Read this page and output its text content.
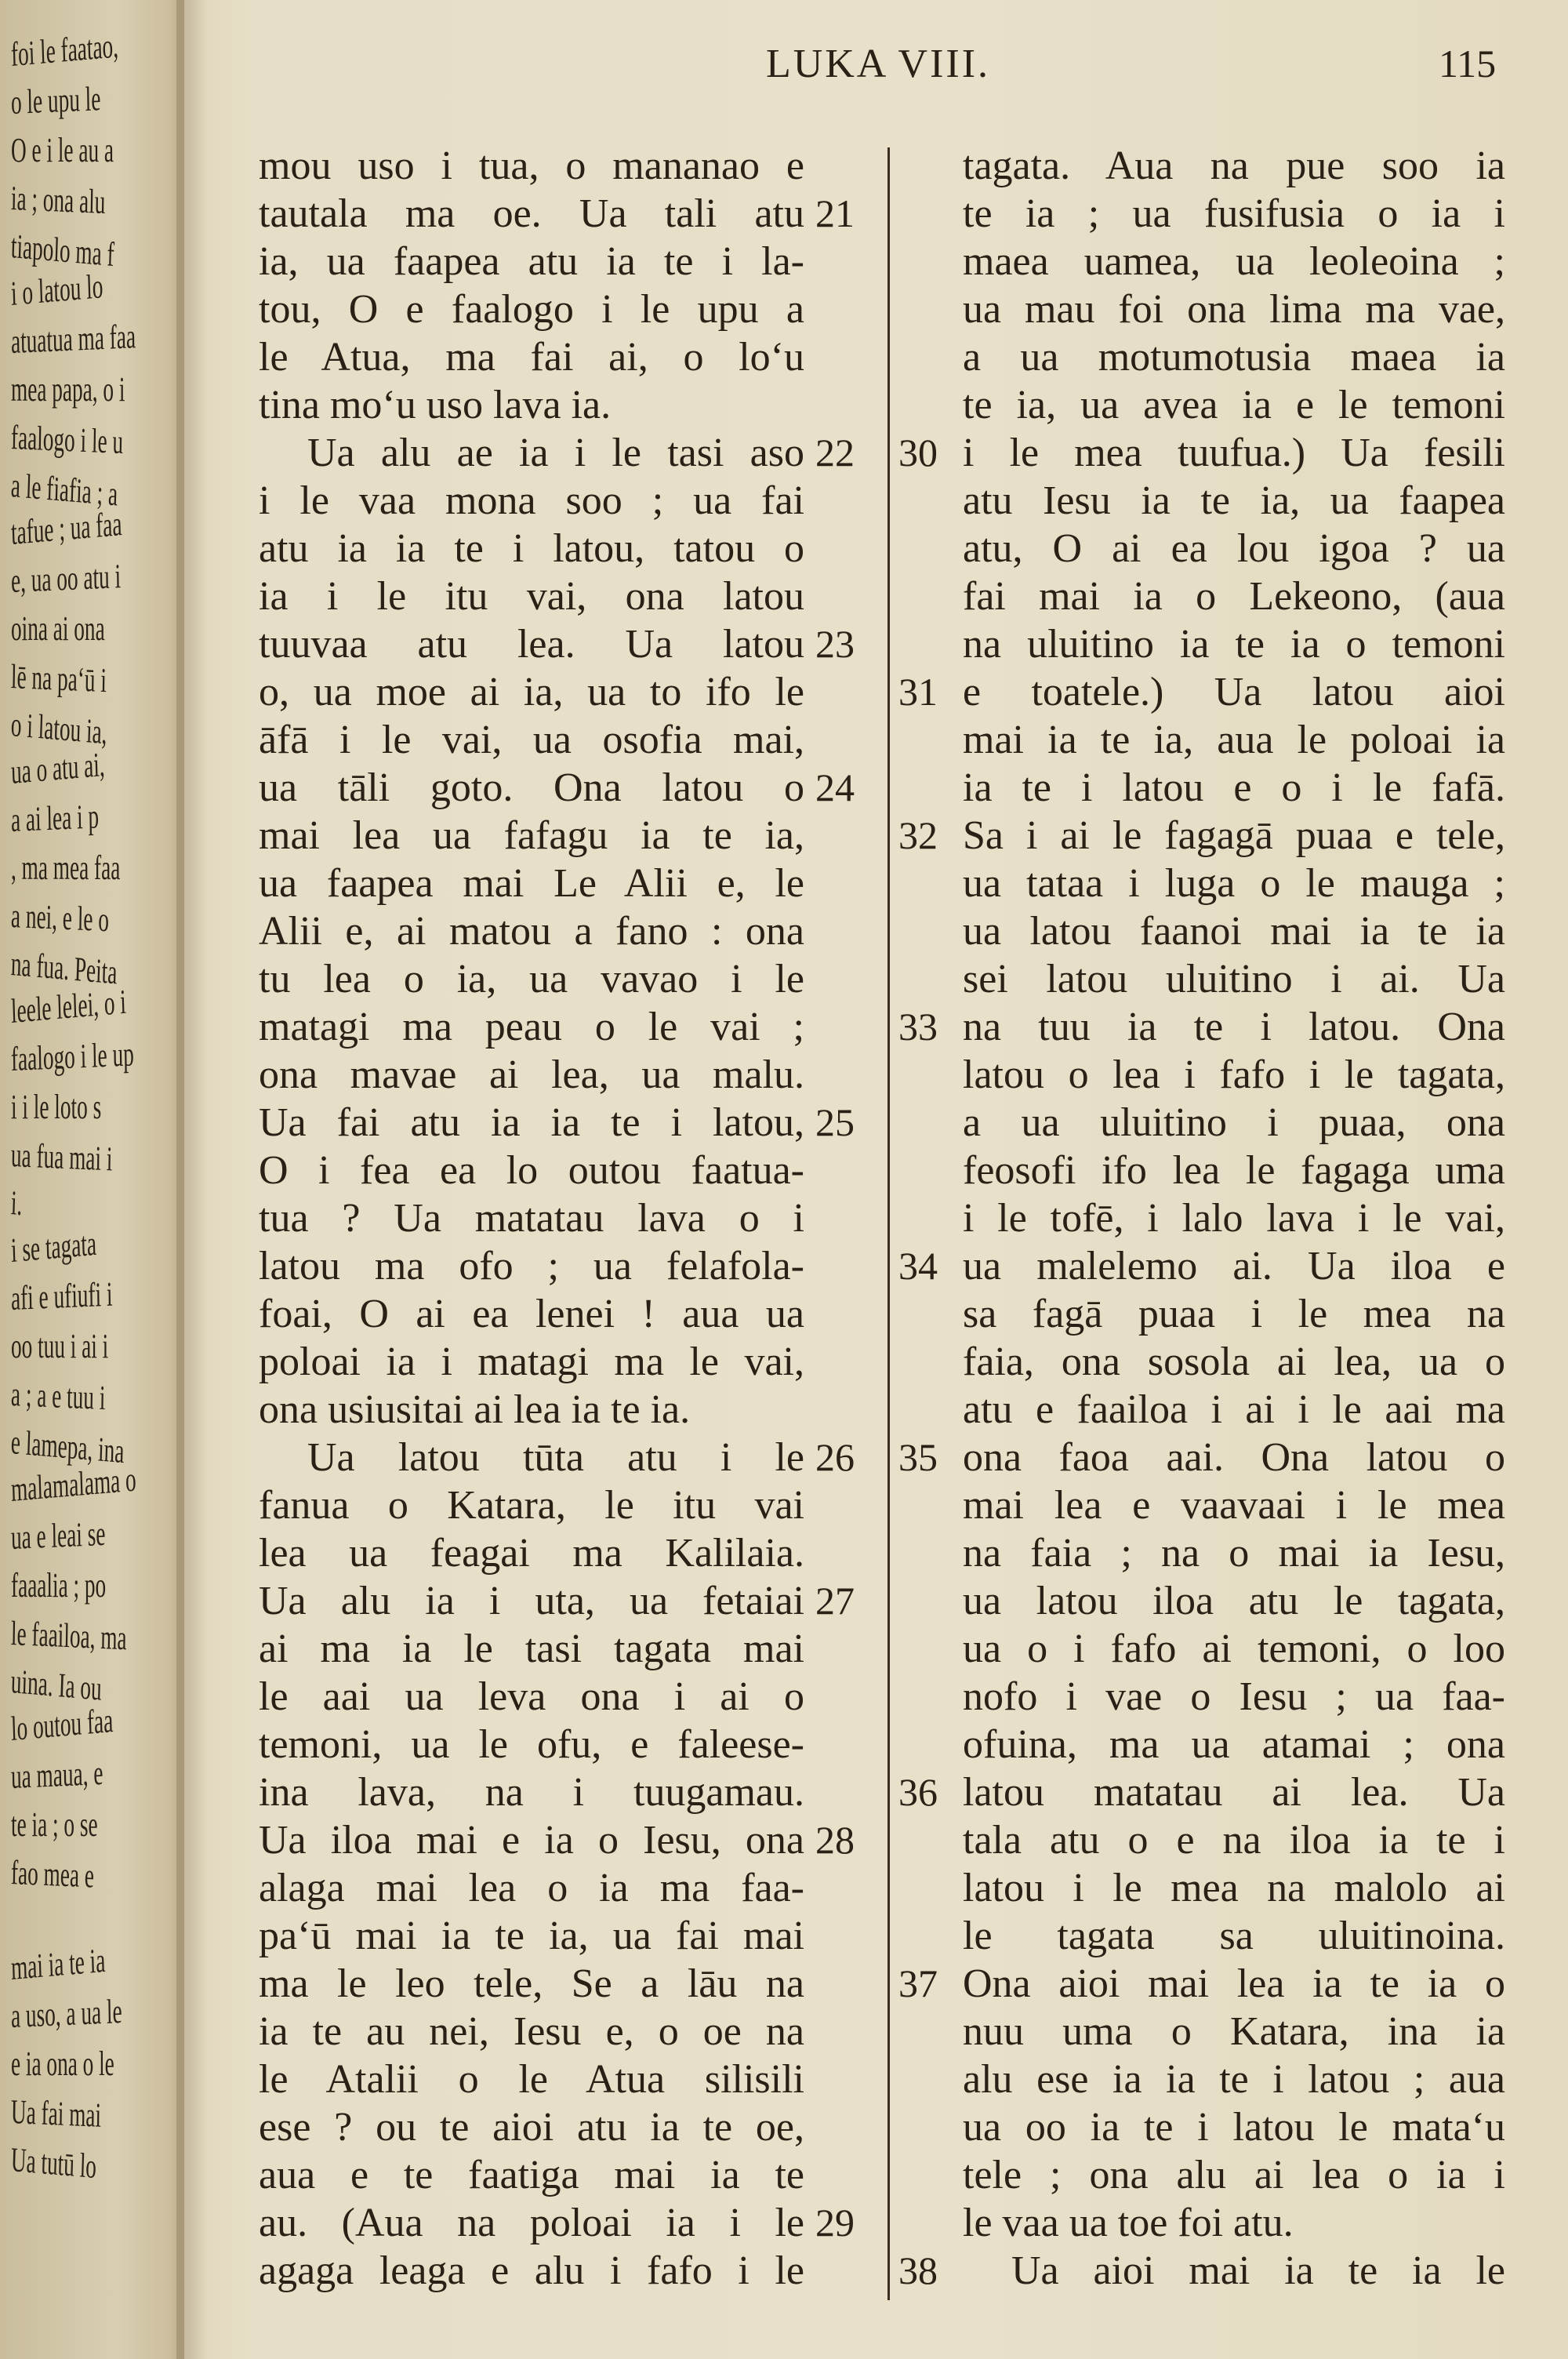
foi le faatao,
o le upu le
O e i le au a
ia ; ona alu
tiapolo ma f
i o latou lo
atuatua ma faa
mea papa, o i
faalogo i le u
a le fiafia ; a
tafue ; ua faa
e, ua oo atu i
oina ai ona
lē na pa‘ū i
o i latou ia,
ua o atu ai,
a ai lea i p
, ma mea faa
a nei, e le o
na fua. Peita
leele lelei, o i
faalogo i le up
i i le loto s
ua fua mai i
i.
i se tagata
afi e ufiufi i
oo tuu i ai i
a ; a e tuu i
e lamepa, ina
malamalama o
ua e leai se
faaalia ; po
le faailoa, ma
uina. Ia ou
lo outou faa
ua maua, e
te ia ; o se
fao mea e
mai ia te ia
a uso, a ua le
e ia ona o le
Ua fai mai
Ua tutū lo
LUKA VIII.	115
mou uso i tua, o mananao e
tautala ma oe. Ua tali atu 21
ia, ua faapea atu ia te i la-
tou, O e faalogo i le upu a
le Atua, ma fai ai, o lo‘u
tina mo‘u uso lava ia.
Ua alu ae ia i le tasi aso 22
i le vaa mona soo ; ua fai
atu ia ia te i latou, tatou o
ia i le itu vai, ona latou
tuuvaa atu lea. Ua latou 23
o, ua moe ai ia, ua to ifo le
āfā i le vai, ua osofia mai,
ua tāli goto. Ona latou o 24
mai lea ua fafagu ia te ia,
ua faapea mai Le Alii e, le
Alii e, ai matou a fano : ona
tu lea o ia, ua vavao i le
matagi ma peau o le vai ;
ona mavae ai lea, ua malu.
Ua fai atu ia ia te i latou, 25
O i fea ea lo outou faatua-
tua ? Ua matatau lava o i
latou ma ofo ; ua felafola-
foai, O ai ea lenei ! aua ua
poloai ia i matagi ma le vai,
ona usiusitai ai lea ia te ia.
Ua latou tūta atu i le 26
fanua o Katara, le itu vai
lea ua feagai ma Kalilaia.
Ua alu ia i uta, ua fetaiai 27
ai ma ia le tasi tagata mai
le aai ua leva ona i ai o
temoni, ua le ofu, e faleese-
ina lava, na i tuugamau.
Ua iloa mai e ia o Iesu, ona 28
alaga mai lea o ia ma faa-
pa‘ū mai ia te ia, ua fai mai
ma le leo tele, Se a lāu na
ia te au nei, Iesu e, o oe na
le Atalii o le Atua silisili
ese ? ou te aioi atu ia te oe,
aua e te faatiga mai ia te
au. (Aua na poloai ia i le 29
agaga leaga e alu i fafo i le
tagata. Aua na pue soo ia
te ia ; ua fusifusia o ia i
maea uamea, ua leoleoina ;
ua mau foi ona lima ma vae,
a ua motumotusia maea ia
te ia, ua avea ia e le temoni
i le mea tuufua.) Ua fesili
30
atu Iesu ia te ia, ua faapea
atu, O ai ea lou igoa ? ua
fai mai ia o Lekeono, (aua
na uluitino ia te ia o temoni
e toatele.) Ua latou aioi
31
mai ia te ia, aua le poloai ia
ia te i latou e o i le fafā.
Sa i ai le fagagā puaa e tele,
32
ua tataa i luga o le mauga ;
ua latou faanoi mai ia te ia
sei latou uluitino i ai. Ua
na tuu ia te i latou. Ona
33
latou o lea i fafo i le tagata,
a ua uluitino i puaa, ona
feosofi ifo lea le fagaga uma
i le tofē, i lalo lava i le vai,
ua malelemo ai. Ua iloa e
34
sa fagā puaa i le mea na
faia, ona sosola ai lea, ua o
atu e faailoa i ai i le aai ma
ona faoa aai. Ona latou o
35
mai lea e vaavaai i le mea
na faia ; na o mai ia Iesu,
ua latou iloa atu le tagata,
ua o i fafo ai temoni, o loo
nofo i vae o Iesu ; ua faa-
ofuina, ma ua atamai ; ona
latou matatau ai lea. Ua
36
tala atu o e na iloa ia te i
latou i le mea na malolo ai
le tagata sa uluitinoina.
Ona aioi mai lea ia te ia o
37
nuu uma o Katara, ina ia
alu ese ia ia te i latou ; aua
ua oo ia te i latou le mata‘u
tele ; ona alu ai lea o ia i
le vaa ua toe foi atu.
Ua aioi mai ia te ia le
38
